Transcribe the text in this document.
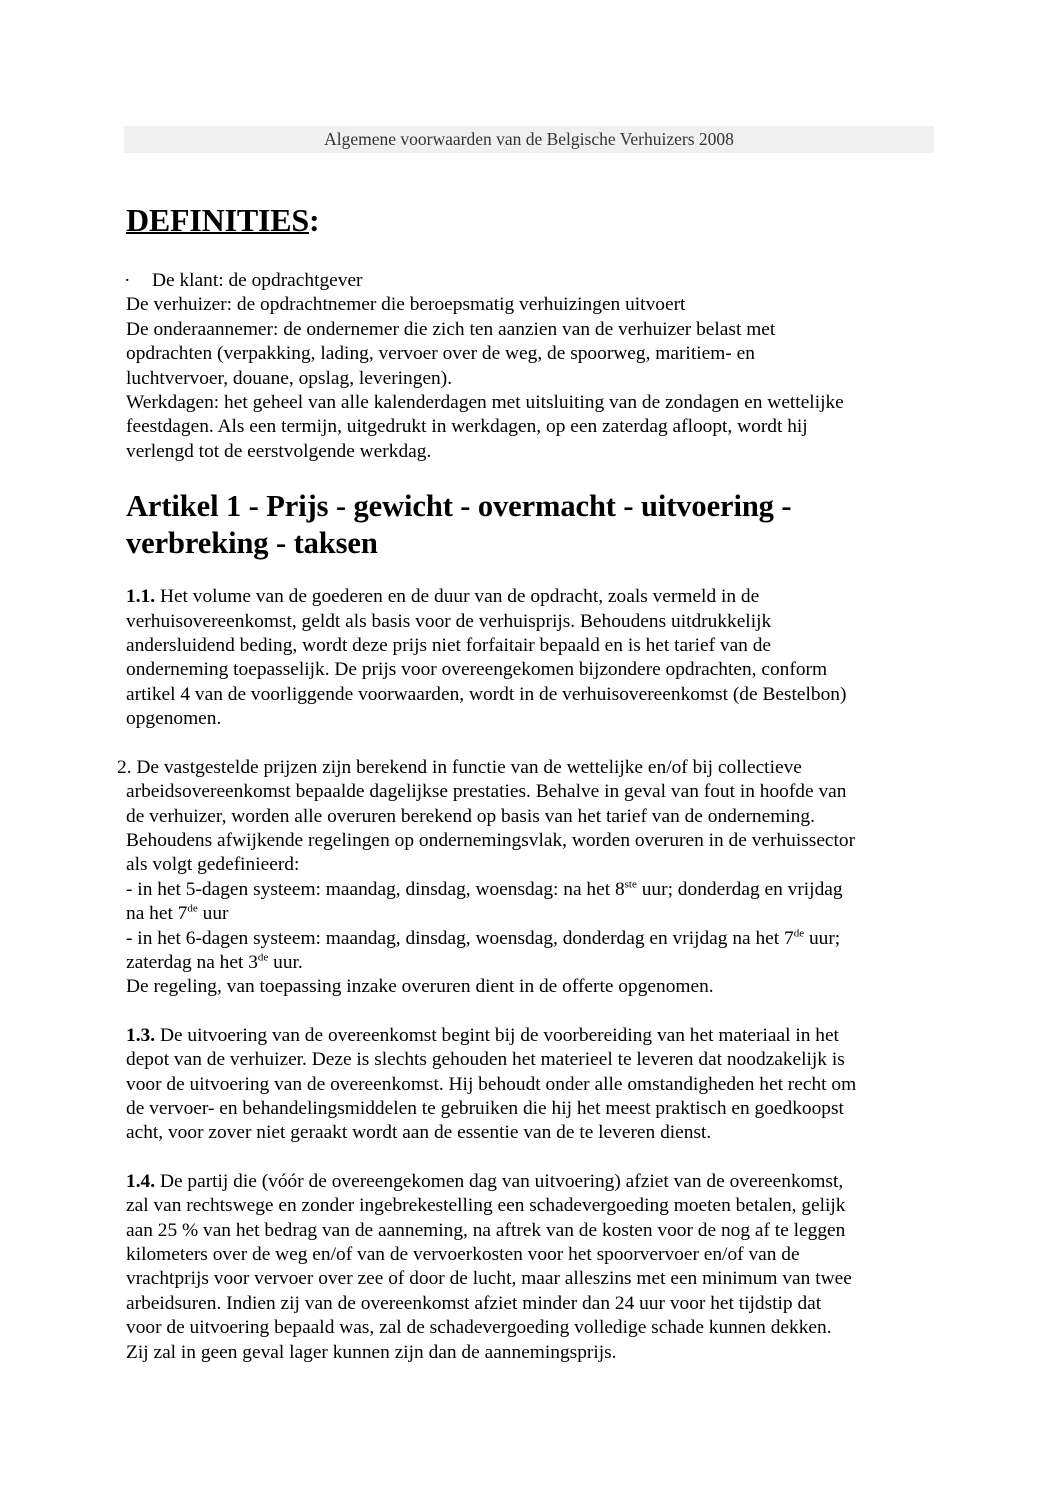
Algemene voorwaarden van de Belgische Verhuizers 2008
DEFINITIES:
· De klant: de opdrachtgever
De verhuizer: de opdrachtnemer die beroepsmatig verhuizingen uitvoert
De onderaannemer: de ondernemer die zich ten aanzien van de verhuizer belast met
opdrachten (verpakking, lading, vervoer over de weg, de spoorweg, maritiem- en
luchtvervoer, douane, opslag, leveringen).
Werkdagen: het geheel van alle kalenderdagen met uitsluiting van de zondagen en wettelijke
feestdagen. Als een termijn, uitgedrukt in werkdagen, op een zaterdag afloopt, wordt hij
verlengd tot de eerstvolgende werkdag.
Artikel 1 - Prijs - gewicht - overmacht - uitvoering -
verbreking - taksen
1.1. Het volume van de goederen en de duur van de opdracht, zoals vermeld in de
verhuisovereenkomst, geldt als basis voor de verhuisprijs. Behoudens uitdrukkelijk
andersluidend beding, wordt deze prijs niet forfaitair bepaald en is het tarief van de
onderneming toepasselijk. De prijs voor overeengekomen bijzondere opdrachten, conform
artikel 4 van de voorliggende voorwaarden, wordt in de verhuisovereenkomst (de Bestelbon)
opgenomen.
2. De vastgestelde prijzen zijn berekend in functie van de wettelijke en/of bij collectieve
arbeidsovereenkomst bepaalde dagelijkse prestaties. Behalve in geval van fout in hoofde van
de verhuizer, worden alle overuren berekend op basis van het tarief van de onderneming.
Behoudens afwijkende regelingen op ondernemingsvlak, worden overuren in de verhuissector
als volgt gedefinieerd:
- in het 5-dagen systeem: maandag, dinsdag, woensdag: na het 8ste uur; donderdag en vrijdag
na het 7de uur
- in het 6-dagen systeem: maandag, dinsdag, woensdag, donderdag en vrijdag na het 7de uur;
zaterdag na het 3de uur.
De regeling, van toepassing inzake overuren dient in de offerte opgenomen.
1.3. De uitvoering van de overeenkomst begint bij de voorbereiding van het materiaal in het
depot van de verhuizer. Deze is slechts gehouden het materieel te leveren dat noodzakelijk is
voor de uitvoering van de overeenkomst. Hij behoudt onder alle omstandigheden het recht om
de vervoer- en behandelingsmiddelen te gebruiken die hij het meest praktisch en goedkoopst
acht, voor zover niet geraakt wordt aan de essentie van de te leveren dienst.
1.4. De partij die (vóór de overeengekomen dag van uitvoering) afziet van de overeenkomst,
zal van rechtswege en zonder ingebrekestelling een schadevergoeding moeten betalen, gelijk
aan 25 % van het bedrag van de aanneming, na aftrek van de kosten voor de nog af te leggen
kilometers over de weg en/of van de vervoerkosten voor het spoorvervoer en/of van de
vrachtprijs voor vervoer over zee of door de lucht, maar alleszins met een minimum van twee
arbeidsuren. Indien zij van de overeenkomst afziet minder dan 24 uur voor het tijdstip dat
voor de uitvoering bepaald was, zal de schadevergoeding volledige schade kunnen dekken.
Zij zal in geen geval lager kunnen zijn dan de aannemingsprijs.
